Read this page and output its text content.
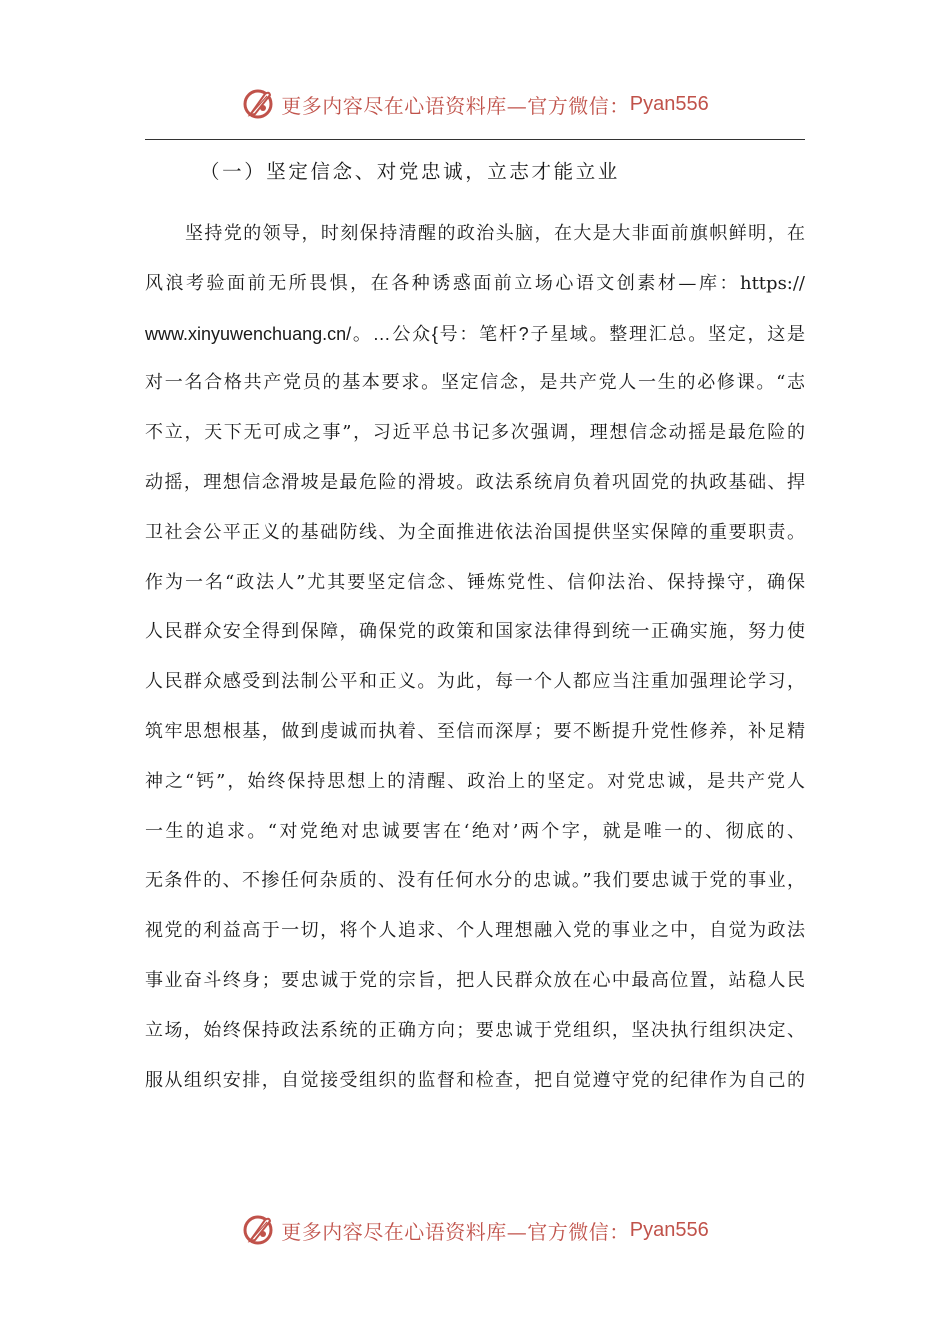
更多内容尽在心语资料库—官方微信： Pyan556
（一）坚定信念、对党忠诚，立志才能立业
坚持党的领导，时刻保持清醒的政治头脑，在大是大非面前旗帜鲜明，在
风浪考验面前无所畏惧，在各种诱惑面前立场心语文创素材—库：https://
www.xinyuwenchuang.cn/。…公众{号：笔杆?子星域。整理汇总。坚定，这是
对一名合格共产党员的基本要求。坚定信念，是共产党人一生的必修课。“志
不立，天下无可成之事”，习近平总书记多次强调，理想信念动摇是最危险的
动摇，理想信念滑坡是最危险的滑坡。政法系统肩负着巩固党的执政基础、捍
卫社会公平正义的基础防线、为全面推进依法治国提供坚实保障的重要职责。
作为一名“政法人”尤其要坚定信念、锤炼党性、信仰法治、保持操守，确保
人民群众安全得到保障，确保党的政策和国家法律得到统一正确实施，努力使
人民群众感受到法制公平和正义。为此，每一个人都应当注重加强理论学习，
筑牢思想根基，做到虔诚而执着、至信而深厚；要不断提升党性修养，补足精
神之“钙”，始终保持思想上的清醒、政治上的坚定。对党忠诚，是共产党人
一生的追求。“对党绝对忠诚要害在‘绝对’两个字，就是唯一的、彻底的、
无条件的、不掺任何杂质的、没有任何水分的忠诚。”我们要忠诚于党的事业，
视党的利益高于一切，将个人追求、个人理想融入党的事业之中，自觉为政法
事业奋斗终身；要忠诚于党的宗旨，把人民群众放在心中最高位置，站稳人民
立场，始终保持政法系统的正确方向；要忠诚于党组织，坚决执行组织决定、
服从组织安排，自觉接受组织的监督和检查，把自觉遵守党的纪律作为自己的
更多内容尽在心语资料库—官方微信： Pyan556
